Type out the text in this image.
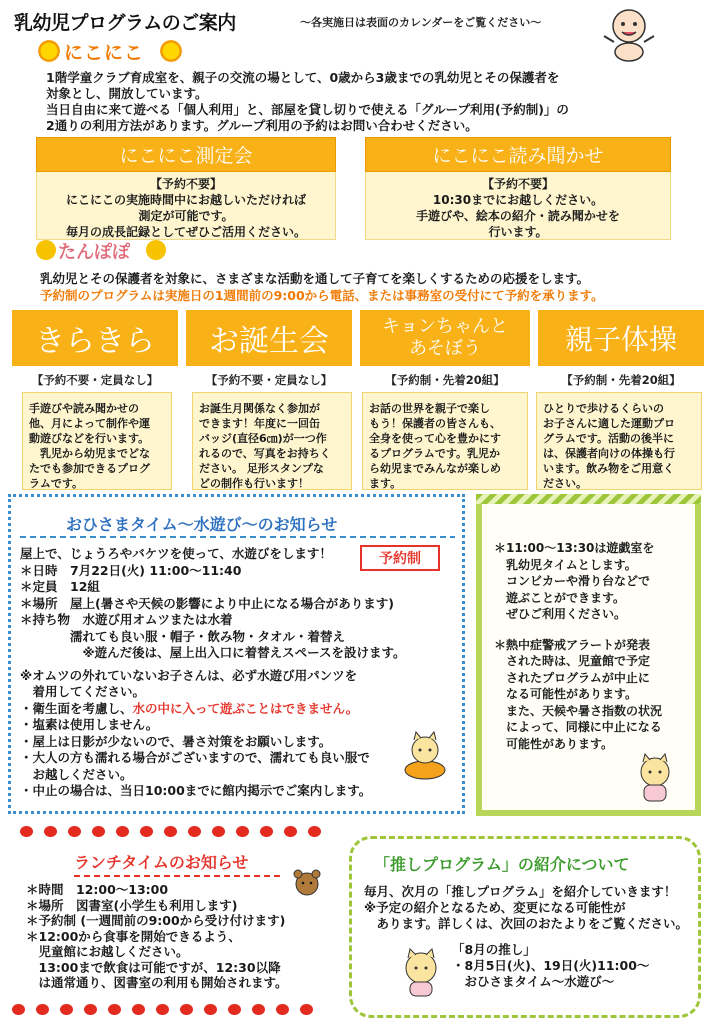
乳幼児プログラムのご案内	～各実施日は表面のカレンダーをご覧ください～
にこにこ
1階学童クラブ育成室を、親子の交流の場として、0歳から3歳までの乳幼児とその保護者を
対象とし、開放しています。
当日自由に来て遊べる「個人利用」と、部屋を貸し切りで使える「グループ利用(予約制)」の
2通りの利用方法があります。グループ利用の予約はお問い合わせください。
にこにこ測定会
【予約不要】
にこにこの実施時間中にお越しいただければ
測定が可能です。
毎月の成長記録としてぜひご活用ください。
にこにこ読み聞かせ
【予約不要】
10:30までにお越しください。
手遊びや、絵本の紹介・読み聞かせを
行います。
たんぽぽ
乳幼児とその保護者を対象に、さまざまな活動を通して子育てを楽しくするための応援をします。
予約制のプログラムは実施日の1週間前の9:00から電話、または事務室の受付にて予約を承ります。
きらきら	お誕生会	キョンちゃんと
あそぼう	親子体操
【予約不要・定員なし】	【予約不要・定員なし】	【予約制・先着20組】	【予約制・先着20組】
手遊びや読み聞かせの
他、月によって制作や運
動遊びなどを行います。
　乳児から幼児までどな
たでも参加できるプログ
ラムです。
お誕生月関係なく参加が
できます！年度に一回缶
バッジ(直径6㎝)が一つ作
れるので、写真をお持ちく
ださい。 足形スタンプな
どの制作も行います！
お話の世界を親子で楽し
もう！保護者の皆さんも、
全身を使って心を豊かにす
るプログラムです。乳児か
ら幼児までみんなが楽しめ
ます。
ひとりで歩けるくらいの
お子さんに適した運動プロ
グラムです。活動の後半に
は、保護者向けの体操も行
います。飲み物をご用意く
ださい。
おひさまタイム～水遊び～のお知らせ
予約制
屋上で、じょうろやバケツを使って、水遊びをします！
＊日時　7月22日(火) 11:00～11:40
＊定員　12組
＊場所　屋上(暑さや天候の影響により中止になる場合があります)
＊持ち物　水遊び用オムツまたは水着
　　　　濡れても良い服・帽子・飲み物・タオル・着替え
　　　　　※遊んだ後は、屋上出入口に着替えスペースを設けます。
※オムツの外れていないお子さんは、必ず水遊び用パンツを
　着用してください。
・衛生面を考慮し、水の中に入って遊ぶことはできません。
・塩素は使用しません。
・屋上は日影が少ないので、暑さ対策をお願いします。
・大人の方も濡れる場合がございますので、濡れても良い服で
　お越しください。
・中止の場合は、当日10:00までに館内掲示でご案内します。
＊11:00～13:30は遊戯室を
　乳幼児タイムとします。
　コンビカーや滑り台などで
　遊ぶことができます。
　ぜひご利用ください。
＊熱中症警戒アラートが発表
　された時は、児童館で予定
　されたプログラムが中止に
　なる可能性があります。
　また、天候や暑さ指数の状況
　によって、同様に中止になる
　可能性があります。
ランチタイムのお知らせ
＊時間　12:00～13:00
＊場所　図書室(小学生も利用します)
＊予約制 (一週間前の9:00から受け付けます)
＊12:00から食事を開始できるよう、
　児童館にお越しください。
　13:00まで飲食は可能ですが、12:30以降
　は通常通り、図書室の利用も開始されます。
「推しプログラム」の紹介について
毎月、次月の「推しプログラム」を紹介していきます！
※予定の紹介となるため、変更になる可能性が
　あります。詳しくは、次回のおたよりをご覧ください。
「8月の推し」
・8月5日(火)、19日(火)11:00～
　おひさまタイム～水遊び～
